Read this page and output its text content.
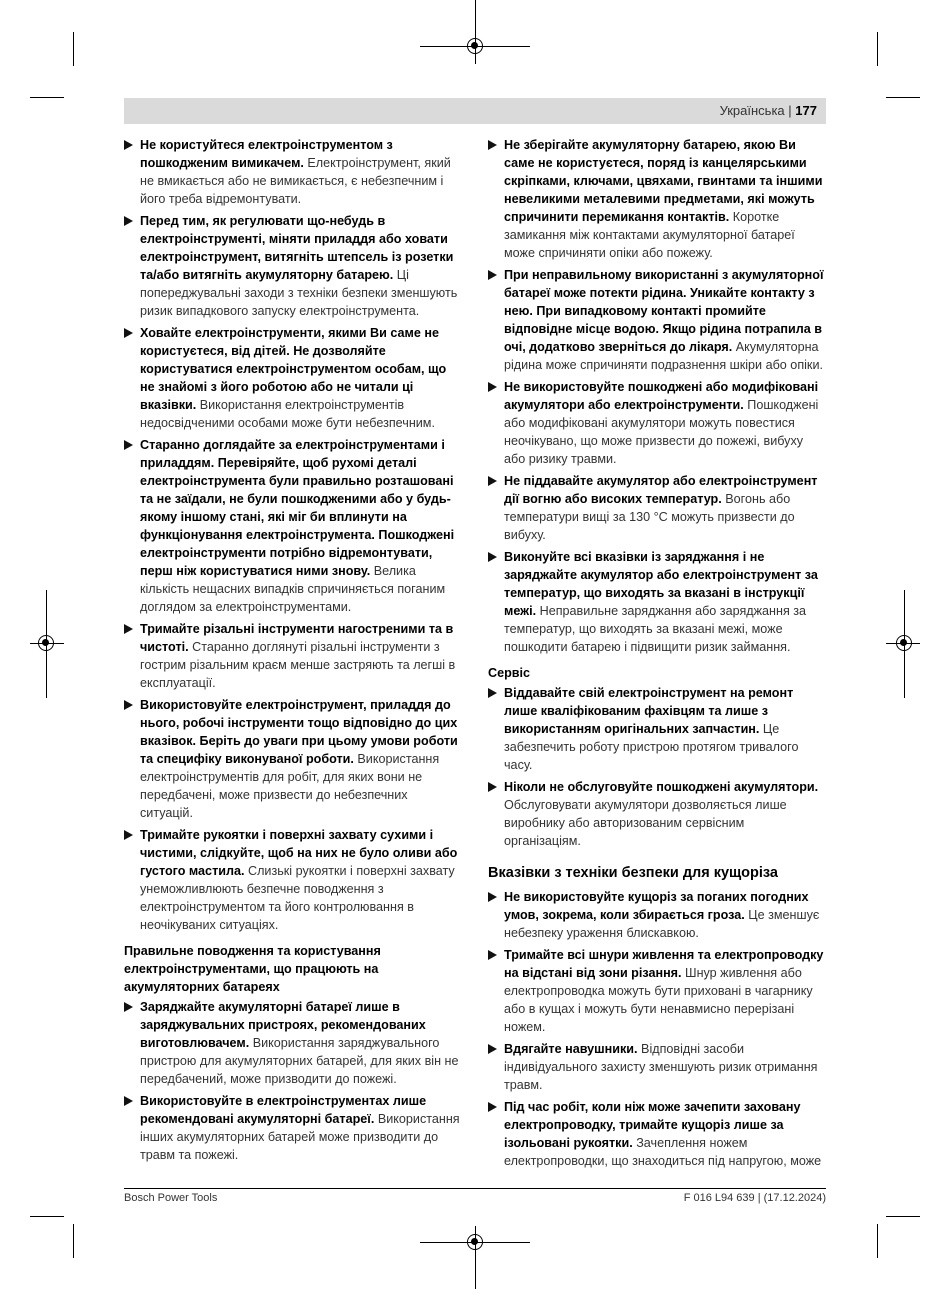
Українська | 177
Не користуйтеся електроінструментом з пошкодженим вимикачем. Електроінструмент, який не вмикається або не вимикається, є небезпечним і його треба відремонтувати.
Перед тим, як регулювати що-небудь в електроінструменті, міняти приладдя або ховати електроінструмент, витягніть штепсель із розетки та/або витягніть акумуляторну батарею. Ці попереджувальні заходи з техніки безпеки зменшують ризик випадкового запуску електроінструмента.
Ховайте електроінструменти, якими Ви саме не користуєтеся, від дітей. Не дозволяйте користуватися електроінструментом особам, що не знайомі з його роботою або не читали ці вказівки. Використання електроінструментів недосвідченими особами може бути небезпечним.
Старанно доглядайте за електроінструментами і приладдям. Перевіряйте, щоб рухомі деталі електроінструмента були правильно розташовані та не заїдали, не були пошкодженими або у будь-якому іншому стані, які міг би вплинути на функціонування електроінструмента. Пошкоджені електроінструменти потрібно відремонтувати, перш ніж користуватися ними знову. Велика кількість нещасних випадків спричиняється поганим доглядом за електроінструментами.
Тримайте різальні інструменти нагостреними та в чистоті. Старанно доглянуті різальні інструменти з гострим різальним краєм менше застряють та легші в експлуатації.
Використовуйте електроінструмент, приладдя до нього, робочі інструменти тощо відповідно до цих вказівок. Беріть до уваги при цьому умови роботи та специфіку виконуваної роботи. Використання електроінструментів для робіт, для яких вони не передбачені, може призвести до небезпечних ситуацій.
Тримайте рукоятки і поверхні захвату сухими і чистими, слідкуйте, щоб на них не було оливи або густого мастила. Слизькі рукоятки і поверхні захвату унеможливлюють безпечне поводження з електроінструментом та його контролювання в неочікуваних ситуаціях.
Правильне поводження та користування електроінструментами, що працюють на акумуляторних батареях
Заряджайте акумуляторні батареї лише в заряджувальних пристроях, рекомендованих виготовлювачем. Використання заряджувального пристрою для акумуляторних батарей, для яких він не передбачений, може призводити до пожежі.
Використовуйте в електроінструментах лише рекомендовані акумуляторні батареї. Використання інших акумуляторних батарей може призводити до травм та пожежі.
Не зберігайте акумуляторну батарею, якою Ви саме не користуєтеся, поряд із канцелярськими скріпками, ключами, цвяхами, гвинтами та іншими невеликими металевими предметами, які можуть спричинити перемикання контактів. Коротке замикання між контактами акумуляторної батареї може спричиняти опіки або пожежу.
При неправильному використанні з акумуляторної батареї може потекти рідина. Уникайте контакту з нею. При випадковому контакті промийте відповідне місце водою. Якщо рідина потрапила в очі, додатково зверніться до лікаря. Акумуляторна рідина може спричиняти подразнення шкіри або опіки.
Не використовуйте пошкоджені або модифіковані акумулятори або електроінструменти. Пошкоджені або модифіковані акумулятори можуть повестися неочікувано, що може призвести до пожежі, вибуху або ризику травми.
Не піддавайте акумулятор або електроінструмент дії вогню або високих температур. Вогонь або температури вищі за 130 °C можуть призвести до вибуху.
Виконуйте всі вказівки із заряджання і не заряджайте акумулятор або електроінструмент за температур, що виходять за вказані в інструкції межі. Неправильне заряджання або заряджання за температур, що виходять за вказані межі, може пошкодити батарею і підвищити ризик займання.
Сервіс
Віддавайте свій електроінструмент на ремонт лише кваліфікованим фахівцям та лише з використанням оригінальних запчастин. Це забезпечить роботу пристрою протягом тривалого часу.
Ніколи не обслуговуйте пошкоджені акумулятори. Обслуговувати акумулятори дозволяється лише виробнику або авторизованим сервісним організаціям.
Вказівки з техніки безпеки для кущоріза
Не використовуйте кущоріз за поганих погодних умов, зокрема, коли збирається гроза. Це зменшує небезпеку ураження блискавкою.
Тримайте всі шнури живлення та електропроводку на відстані від зони різання. Шнур живлення або електропроводка можуть бути приховані в чагарнику або в кущах і можуть бути ненавмисно перерізані ножем.
Вдягайте навушники. Відповідні засоби індивідуального захисту зменшують ризик отримання травм.
Під час робіт, коли ніж може зачепити заховану електропроводку, тримайте кущоріз лише за ізольовані рукоятки. Зачеплення ножем електропроводки, що знаходиться під напругою, може
Bosch Power Tools	F 016 L94 639 | (17.12.2024)
